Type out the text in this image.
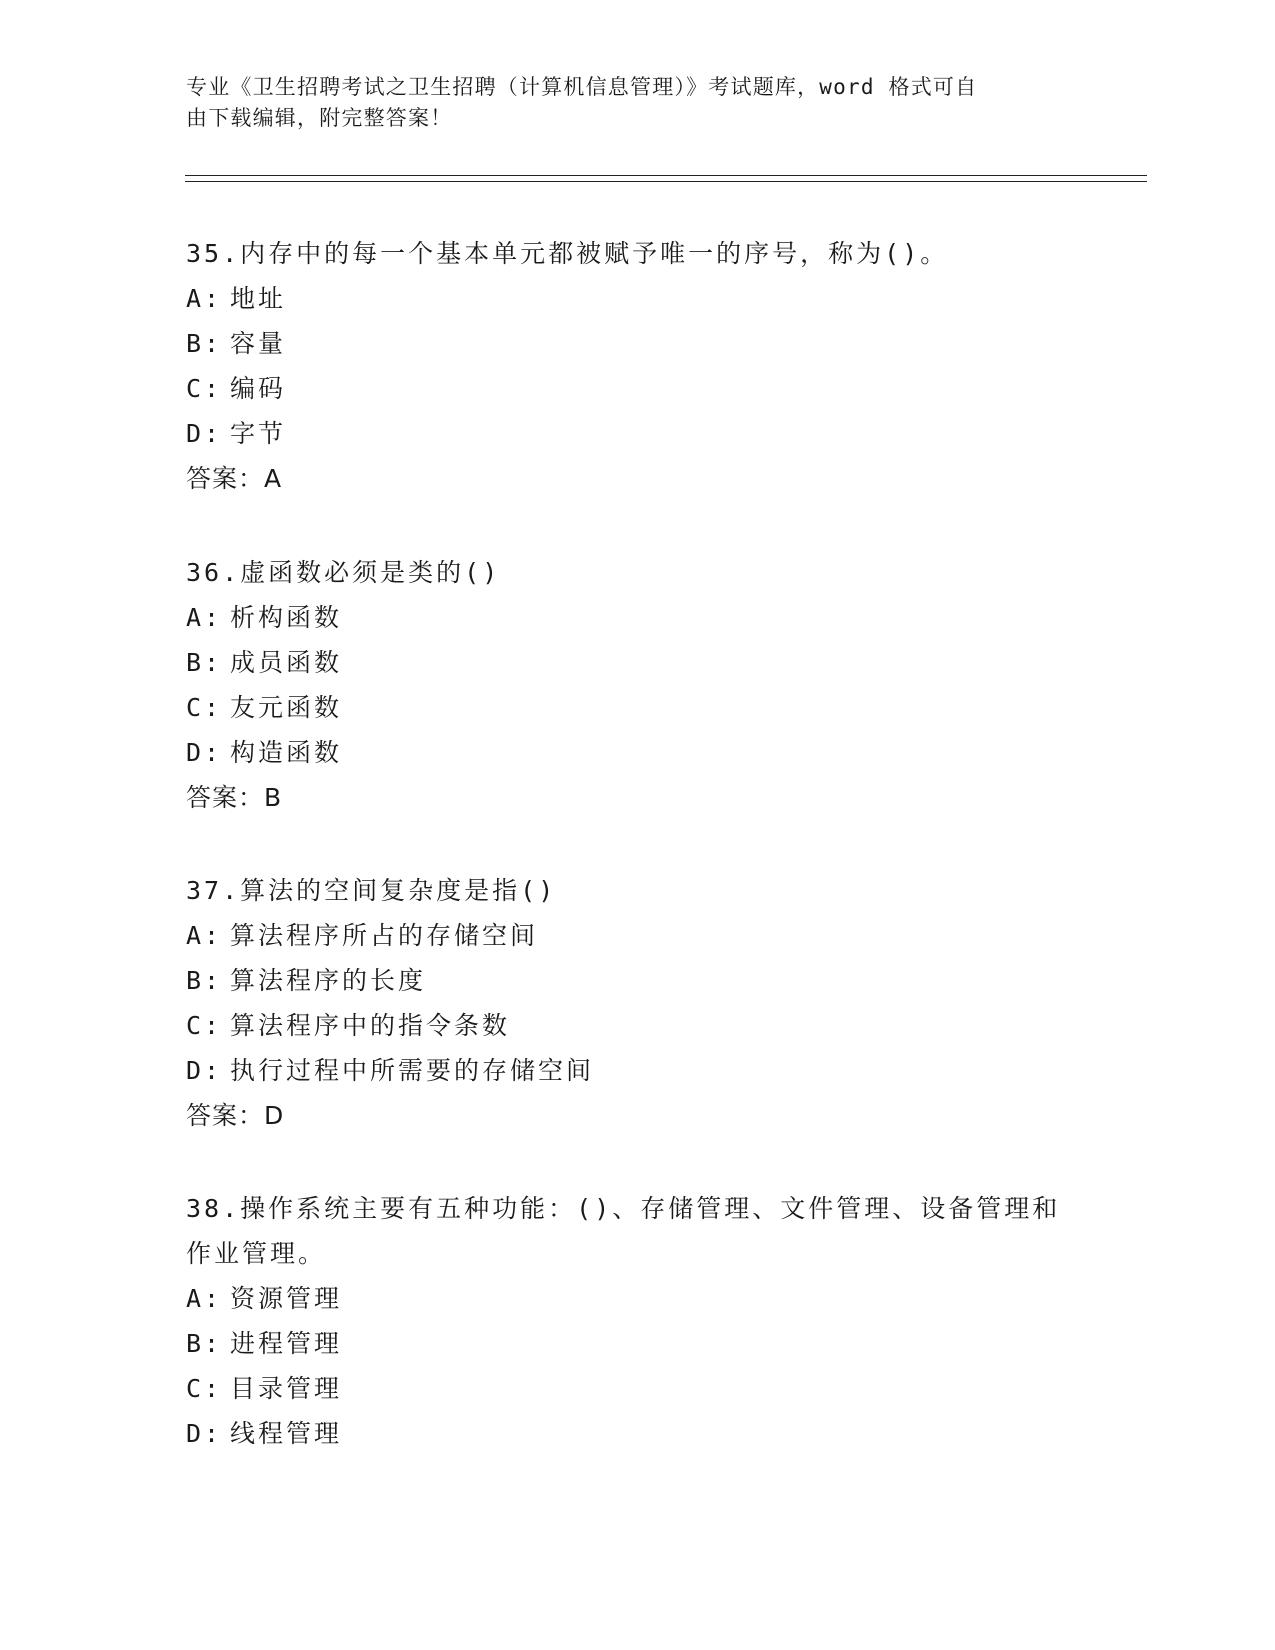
专业《卫生招聘考试之卫生招聘（计算机信息管理）》考试题库，word 格式可自
由下载编辑，附完整答案！

35.内存中的每一个基本单元都被赋予唯一的序号，称为()。

A: 地址

B: 容量

C: 编码

D: 字节

答案：A

36.虚函数必须是类的()

A: 析构函数

B: 成员函数

C: 友元函数

D: 构造函数

答案：B

37.算法的空间复杂度是指()

A: 算法程序所占的存储空间

B: 算法程序的长度

C: 算法程序中的指令条数

D: 执行过程中所需要的存储空间

答案：D

38.操作系统主要有五种功能：()、存储管理、文件管理、设备管理和

作业管理。

A: 资源管理

B: 进程管理

C: 目录管理

D: 线程管理
